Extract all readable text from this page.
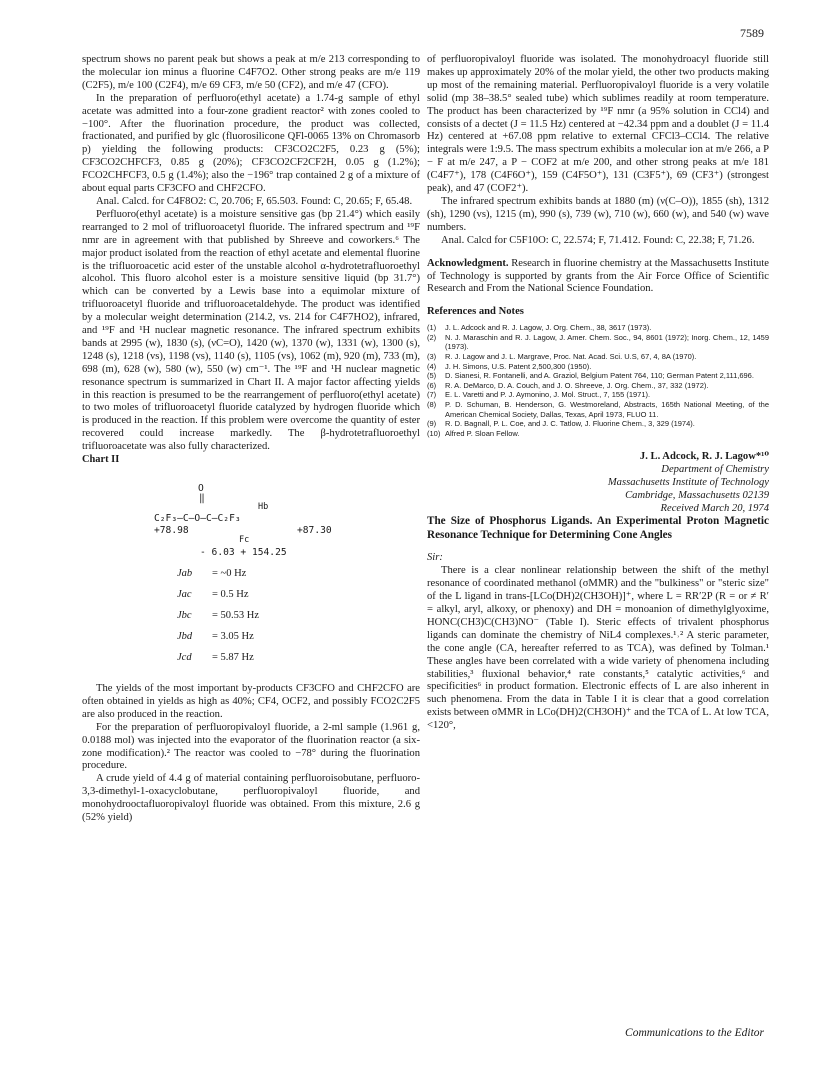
7589

spectrum shows no parent peak but shows a peak at m/e 213 corresponding to the molecular ion minus a fluorine C4F7O2. Other strong peaks are m/e 119 (C2F5), m/e 100 (C2F4), m/e 69 CF3, m/e 50 (CF2), and m/e 47 (CFO).

In the preparation of perfluoro(ethyl acetate) a 1.74-g sample of ethyl acetate was admitted into a four-zone gradient reactor² with zones cooled to −100°. After the fluorination procedure, the product was collected, fractionated, and purified by glc (fluorosilicone QFl-0065 13% on Chromasorb p) yielding the following products: CF3CO2C2F5, 0.23 g (5%); CF3CO2CHFCF3, 0.85 g (20%); CF3CO2CF2CF2H, 0.05 g (1.2%); FCO2CHFCF3, 0.5 g (1.4%); also the −196° trap contained 2 g of a mixture of about equal parts CF3CFO and CHF2CFO.

Anal. Calcd. for C4F8O2: C, 20.706; F, 65.503. Found: C, 20.65; F, 65.48.

Perfluoro(ethyl acetate) is a moisture sensitive gas (bp 21.4°) which easily rearranged to 2 mol of trifluoroacetyl fluoride. The infrared spectrum and ¹⁹F nmr are in agreement with that published by Shreeve and coworkers.⁶ The major product isolated from the reaction of ethyl acetate and elemental fluorine is the trifluoroacetic acid ester of the unstable alcohol α-hydrotetrafluoroethyl alcohol. This fluoro alcohol ester is a moisture sensitive liquid (bp 31.7°) which can be converted by a Lewis base into a equimolar mixture of trifluoroacetyl fluoride and trifluoroacetaldehyde. The product was identified by a molecular weight determination (214.2, vs. 214 for C4F7HO2), infrared, and ¹⁹F and ¹H nuclear magnetic resonance. The infrared spectrum exhibits bands at 2995 (w), 1830 (s), (νC=O), 1420 (w), 1370 (w), 1331 (w), 1300 (s), 1248 (s), 1218 (vs), 1198 (vs), 1140 (s), 1105 (vs), 1062 (m), 920 (m), 733 (m), 698 (m), 628 (w), 580 (w), 550 (w) cm⁻¹. The ¹⁹F and ¹H nuclear magnetic resonance spectrum is summarized in Chart II. A major factor affecting yields in this reaction is presumed to be the rearrangement of perfluoro(ethyl acetate) to two moles of trifluoroacetyl fluoride catalyzed by hydrogen fluoride which is produced in the reaction. If this problem were overcome the quantity of ester recovered could increase markedly. The β-hydrotetrafluoroethyl trifluoroacetate was also fully characterized.

Chart II

O
‖
Hb
C₂F₃—C—O—C—C₂F₃
+78.98	+87.30
Fc
- 6.03 + 154.25
Jab = ~0 Hz
Jac = 0.5 Hz
Jbc = 50.53 Hz
Jbd = 3.05 Hz
Jcd = 5.87 Hz

The yields of the most important by-products CF3CFO and CHF2CFO are often obtained in yields as high as 40%; CF4, OCF2, and possibly FCO2C2F5 are also produced in the reaction.

For the preparation of perfluoropivaloyl fluoride, a 2-ml sample (1.961 g, 0.0188 mol) was injected into the evaporator of the fluorination reactor (a six-zone modification).² The reactor was cooled to −78° during the fluorination procedure.

A crude yield of 4.4 g of material containing perfluoroisobutane, perfluoro-3,3-dimethyl-1-oxacyclobutane, perfluoropivaloyl fluoride, and monohydrooctafluoropivaloyl fluoride was obtained. From this mixture, 2.6 g (52% yield)

of perfluoropivaloyl fluoride was isolated. The monohydroacyl fluoride still makes up approximately 20% of the molar yield, the other two products making up most of the remaining material. Perfluoropivaloyl fluoride is a very volatile solid (mp 38–38.5° sealed tube) which sublimes readily at room temperature. The product has been characterized by ¹⁹F nmr (a 95% solution in CCl4) and consists of a dectet (J = 11.5 Hz) centered at −42.34 ppm and a doublet (J = 11.4 Hz) centered at +67.08 ppm relative to external CFCl3–CCl4. The relative integrals were 1:9.5. The mass spectrum exhibits a molecular ion at m/e 266, a P − F at m/e 247, a P − COF2 at m/e 200, and other strong peaks at m/e 181 (C4F7⁺), 178 (C4F6O⁺), 159 (C4F5O⁺), 131 (C3F5⁺), 69 (CF3⁺) (strongest peak), and 47 (COF2⁺).

The infrared spectrum exhibits bands at 1880 (m) (ν(C–O)), 1855 (sh), 1312 (sh), 1290 (vs), 1215 (m), 990 (s), 739 (w), 710 (w), 660 (w), and 540 (w) wave numbers.

Anal. Calcd for C5F10O: C, 22.574; F, 71.412. Found: C, 22.38; F, 71.26.

Acknowledgment. Research in fluorine chemistry at the Massachusetts Institute of Technology is supported by grants from the Air Force Office of Scientific Research and From the National Science Foundation.

References and Notes

(1)	J. L. Adcock and R. J. Lagow, J. Org. Chem., 38, 3617 (1973).
(2)	N. J. Maraschin and R. J. Lagow, J. Amer. Chem. Soc., 94, 8601 (1972); Inorg. Chem., 12, 1459 (1973).
(3)	R. J. Lagow and J. L. Margrave, Proc. Nat. Acad. Sci. U.S, 67, 4, 8A (1970).
(4)	J. H. Simons, U.S. Patent 2,500,300 (1950).
(5)	D. Sianesi, R. Fontanelli, and A. Graziol, Belgium Patent 764, 110; German Patent 2,111,696.
(6)	R. A. DeMarco, D. A. Couch, and J. O. Shreeve, J. Org. Chem., 37, 332 (1972).
(7)	E. L. Varetti and P. J. Aymonino, J. Mol. Struct., 7, 155 (1971).
(8)	P. D. Schuman, B. Henderson, G. Westmoreland, Abstracts, 165th National Meeting, of the American Chemical Society, Dallas, Texas, April 1973, FLUO 11.
(9)	R. D. Bagnall, P. L. Coe, and J. C. Tatlow, J. Fluorine Chem., 3, 329 (1974).
(10) Alfred P. Sloan Fellow.
J. L. Adcock, R. J. Lagow*¹⁰
Department of Chemistry
Massachusetts Institute of Technology
Cambridge, Massachusetts 02139
Received March 20, 1974

The Size of Phosphorus Ligands. An Experimental Proton Magnetic Resonance Technique for Determining Cone Angles

Sir:

There is a clear nonlinear relationship between the shift of the methyl resonance of coordinated methanol (σMMR) and the "bulkiness" or "steric size" of the L ligand in trans-[LCo(DH)2(CH3OH)]⁺, where L = RR′2P (R = or ≠ R′ = alkyl, aryl, alkoxy, or phenoxy) and DH = monoanion of dimethylglyoxime, HONC(CH3)C(CH3)NO⁻ (Table I). Steric effects of trivalent phosphorus ligands can dominate the chemistry of NiL4 complexes.¹˒² A steric parameter, the cone angle (CA, hereafter referred to as TCA), was defined by Tolman.¹ These angles have been correlated with a wide variety of phenomena including stabilities,³ fluxional behavior,⁴ rate constants,⁵ catalytic activities,⁶ and specificities⁶ in product formation. Electronic effects of L are also inherent in such phenomena. From the data in Table I it is clear that a good correlation exists between σMMR in LCo(DH)2(CH3OH)⁺ and the TCA of L. At low TCA, <120°,

Communications to the Editor
